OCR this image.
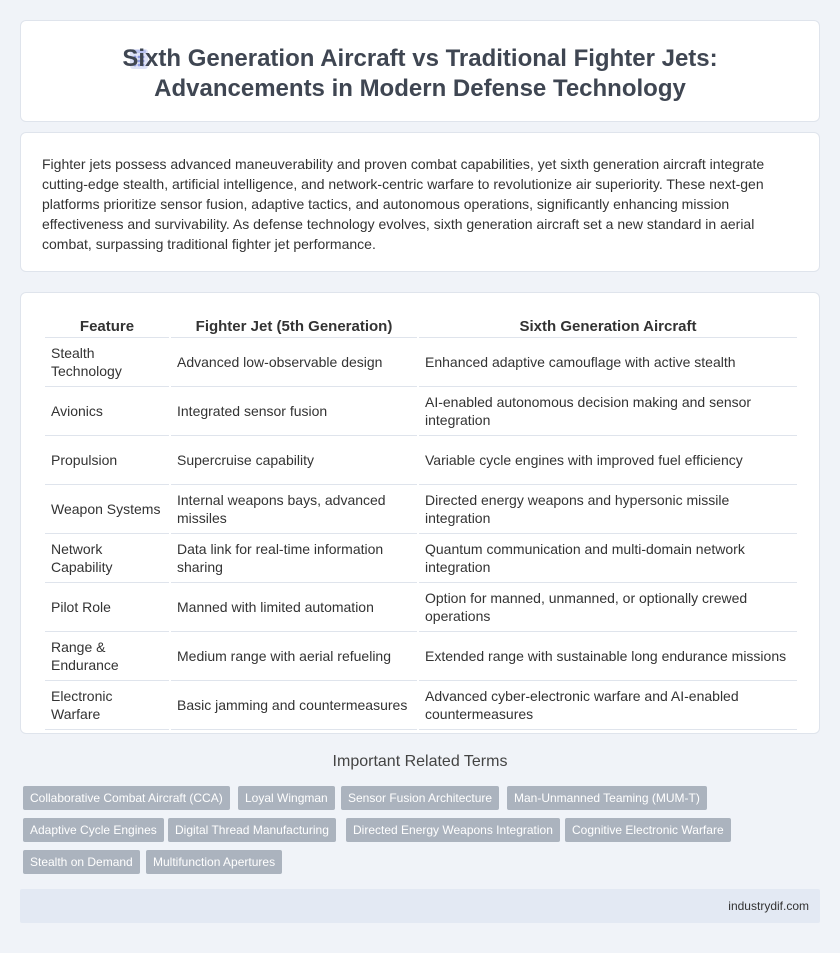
Sixth Generation Aircraft vs Traditional Fighter Jets:
Advancements in Modern Defense Technology

Fighter jets possess advanced maneuverability and proven combat capabilities, yet sixth generation aircraft integrate cutting-edge stealth, artificial intelligence, and network-centric warfare to revolutionize air superiority. These next-gen platforms prioritize sensor fusion, adaptive tactics, and autonomous operations, significantly enhancing mission effectiveness and survivability. As defense technology evolves, sixth generation aircraft set a new standard in aerial combat, surpassing traditional fighter jet performance.

Feature	Fighter Jet (5th Generation)	Sixth Generation Aircraft
Stealth Technology	Advanced low-observable design	Enhanced adaptive camouflage with active stealth
Avionics	Integrated sensor fusion	AI-enabled autonomous decision making and sensor integration
Propulsion	Supercruise capability	Variable cycle engines with improved fuel efficiency
Weapon Systems	Internal weapons bays, advanced missiles	Directed energy weapons and hypersonic missile integration
Network Capability	Data link for real-time information sharing	Quantum communication and multi-domain network integration
Pilot Role	Manned with limited automation	Option for manned, unmanned, or optionally crewed operations
Range & Endurance	Medium range with aerial refueling	Extended range with sustainable long endurance missions
Electronic Warfare	Basic jamming and countermeasures	Advanced cyber-electronic warfare and AI-enabled countermeasures
Important Related Terms
Collaborative Combat Aircraft (CCA)	Loyal Wingman	Sensor Fusion Architecture	Man-Unmanned Teaming (MUM-T)
Adaptive Cycle Engines	Digital Thread Manufacturing	Directed Energy Weapons Integration	Cognitive Electronic Warfare
Stealth on Demand	Multifunction Apertures
industrydif.com
